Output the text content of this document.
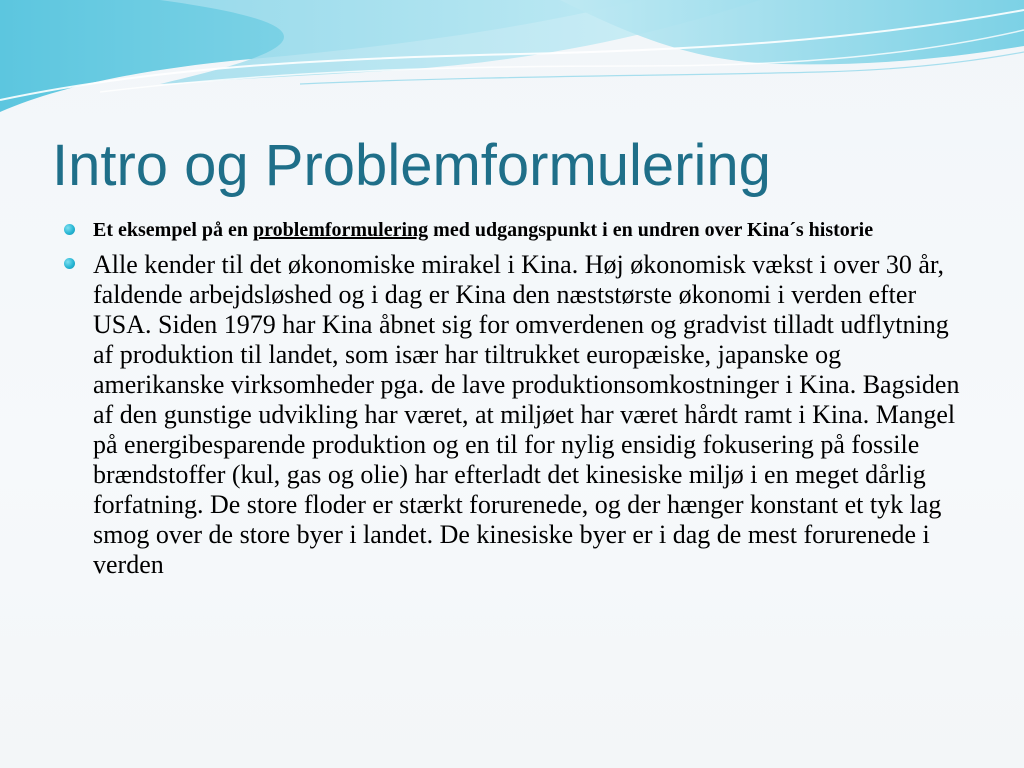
Intro og Problemformulering
Et eksempel på en problemformulering med udgangspunkt i en undren over Kina´s historie
Alle kender til det økonomiske mirakel i Kina. Høj økonomisk vækst i over 30 år, faldende arbejdsløshed og i dag er Kina den næststørste økonomi i verden efter USA. Siden 1979 har Kina åbnet sig for omverdenen og gradvist tilladt udflytning af produktion til landet, som især har tiltrukket europæiske, japanske og amerikanske virksomheder pga. de lave produktionsomkostninger i Kina. Bagsiden af den gunstige udvikling har været, at miljøet har været hårdt ramt i Kina. Mangel på energibesparende produktion og en til for nylig ensidig fokusering på fossile brændstoffer (kul, gas og olie) har efterladt det kinesiske miljø i en meget dårlig forfatning. De store floder er stærkt forurenede, og der hænger konstant et tyk lag smog over de store byer i landet. De kinesiske byer er i dag de mest forurenede i verden
